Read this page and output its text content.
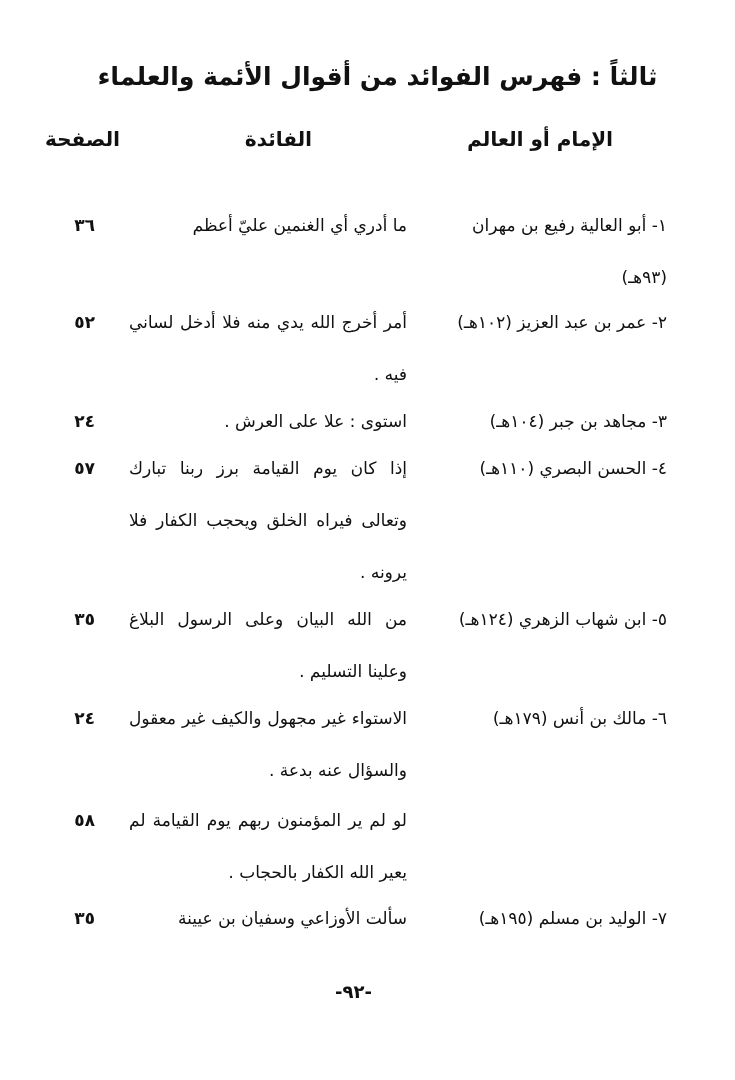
ثالثاً : فهرس الفوائد من أقوال الأئمة والعلماء
الإمام أو العالم
الفائدة
الصفحة
١- أبو العالية رفيع بن مهران
(٩٣هـ)
ما أدري أي الغنمين عليّ أعظم
٣٦
٢- عمر بن عبد العزيز (١٠٢هـ)
أمر أخرج الله يدي منه فلا أدخل لساني فيه .
٥٢
٣- مجاهد بن جبر (١٠٤هـ)
استوى : علا على العرش .
٢٤
٤- الحسن البصري (١١٠هـ)
إذا كان يوم القيامة برز ربنا تبارك وتعالى فيراه الخلق ويحجب الكفار فلا يرونه .
٥٧
٥- ابن شهاب الزهري (١٢٤هـ)
من الله البيان وعلى الرسول البلاغ وعلينا التسليم .
٣٥
٦- مالك بن أنس (١٧٩هـ)
الاستواء غير مجهول والكيف غير معقول والسؤال عنه بدعة .
٢٤
لو لم ير المؤمنون ربهم يوم القيامة لم يعير الله الكفار بالحجاب .
٥٨
٧- الوليد بن مسلم (١٩٥هـ)
سألت الأوزاعي وسفيان بن عيينة
٣٥
-٩٢-
